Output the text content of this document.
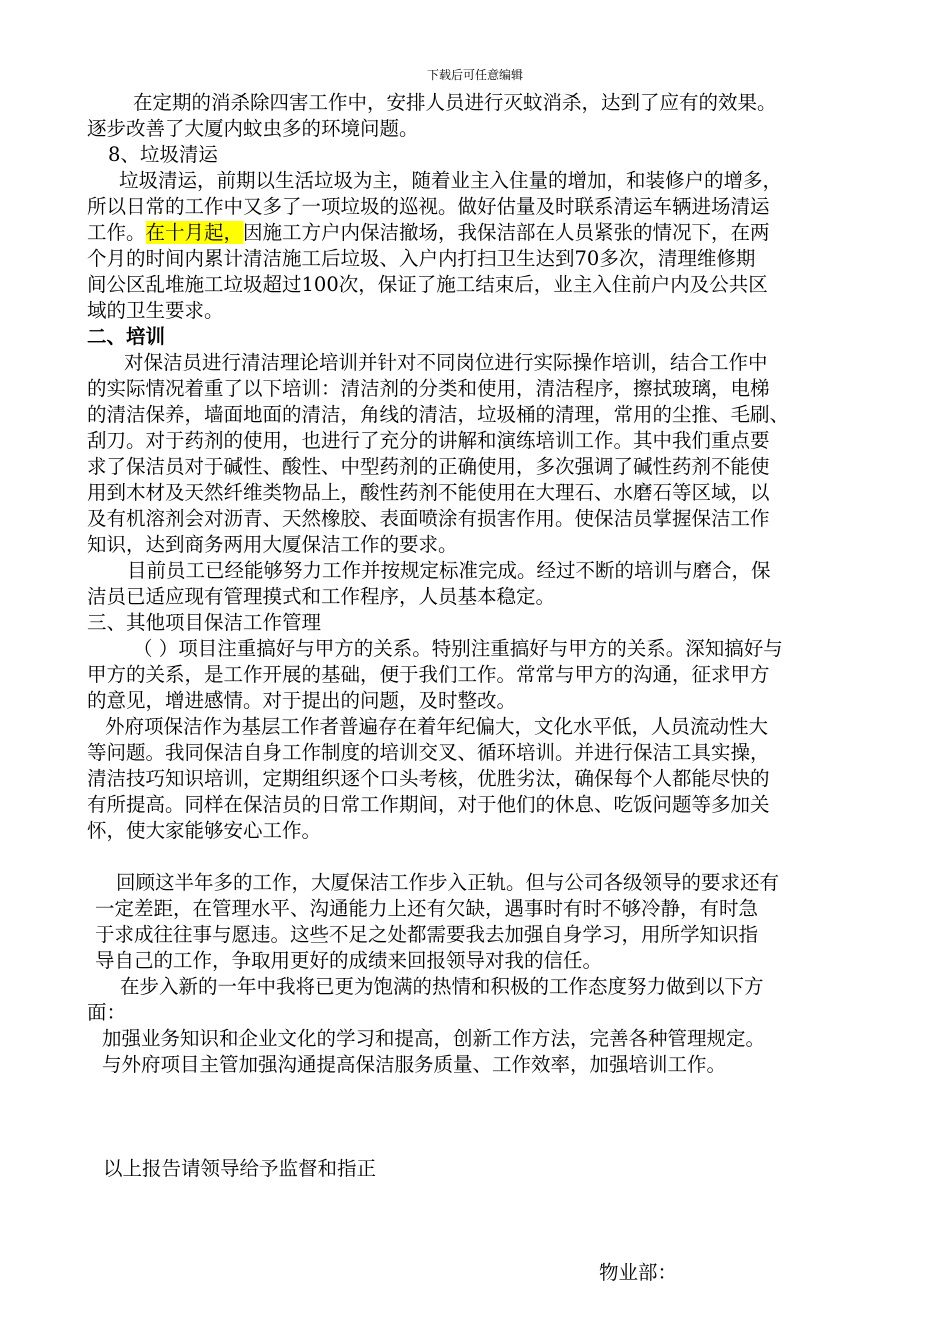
下载后可任意编辑
在定期的消杀除四害工作中，安排人员进行灭蚊消杀，达到了应有的效果。
逐步改善了大厦内蚊虫多的环境问题。
8、垃圾清运
垃圾清运，前期以生活垃圾为主，随着业主入住量的增加，和装修户的增多，
所以日常的工作中又多了一项垃圾的巡视。做好估量及时联系清运车辆进场清运
工作。在十月起，因施工方户内保洁撤场，我保洁部在人员紧张的情况下，在两
个月的时间内累计清洁施工后垃圾、入户内打扫卫生达到70多次，清理维修期
间公区乱堆施工垃圾超过100次，保证了施工结束后，业主入住前户内及公共区
域的卫生要求。
二、培训
对保洁员进行清洁理论培训并针对不同岗位进行实际操作培训，结合工作中
的实际情况着重了以下培训：清洁剂的分类和使用，清洁程序，擦拭玻璃，电梯
的清洁保养，墙面地面的清洁，角线的清洁，垃圾桶的清理，常用的尘推、毛刷、
刮刀。对于药剂的使用，也进行了充分的讲解和演练培训工作。其中我们重点要
求了保洁员对于碱性、酸性、中型药剂的正确使用，多次强调了碱性药剂不能使
用到木材及天然纤维类物品上，酸性药剂不能使用在大理石、水磨石等区域，以
及有机溶剂会对沥青、天然橡胶、表面喷涂有损害作用。使保洁员掌握保洁工作
知识，达到商务两用大厦保洁工作的要求。
目前员工已经能够努力工作并按规定标准完成。经过不断的培训与磨合，保
洁员已适应现有管理摸式和工作程序，人员基本稳定。
三、其他项目保洁工作管理
（ ）项目注重搞好与甲方的关系。特别注重搞好与甲方的关系。深知搞好与
甲方的关系，是工作开展的基础，便于我们工作。常常与甲方的沟通，征求甲方
的意见，增进感情。对于提出的问题，及时整改。
外府项保洁作为基层工作者普遍存在着年纪偏大，文化水平低，人员流动性大
等问题。我同保洁自身工作制度的培训交叉、循环培训。并进行保洁工具实操，
清洁技巧知识培训，定期组织逐个口头考核，优胜劣汰，确保每个人都能尽快的
有所提高。同样在保洁员的日常工作期间，对于他们的休息、吃饭问题等多加关
怀，使大家能够安心工作。
回顾这半年多的工作，大厦保洁工作步入正轨。但与公司各级领导的要求还有
一定差距，在管理水平、沟通能力上还有欠缺，遇事时有时不够冷静，有时急
于求成往往事与愿违。这些不足之处都需要我去加强自身学习，用所学知识指
导自己的工作，争取用更好的成绩来回报领导对我的信任。
在步入新的一年中我将已更为饱满的热情和积极的工作态度努力做到以下方
面：
加强业务知识和企业文化的学习和提高，创新工作方法，完善各种管理规定。
与外府项目主管加强沟通提高保洁服务质量、工作效率，加强培训工作。
以上报告请领导给予监督和指正
物业部：
